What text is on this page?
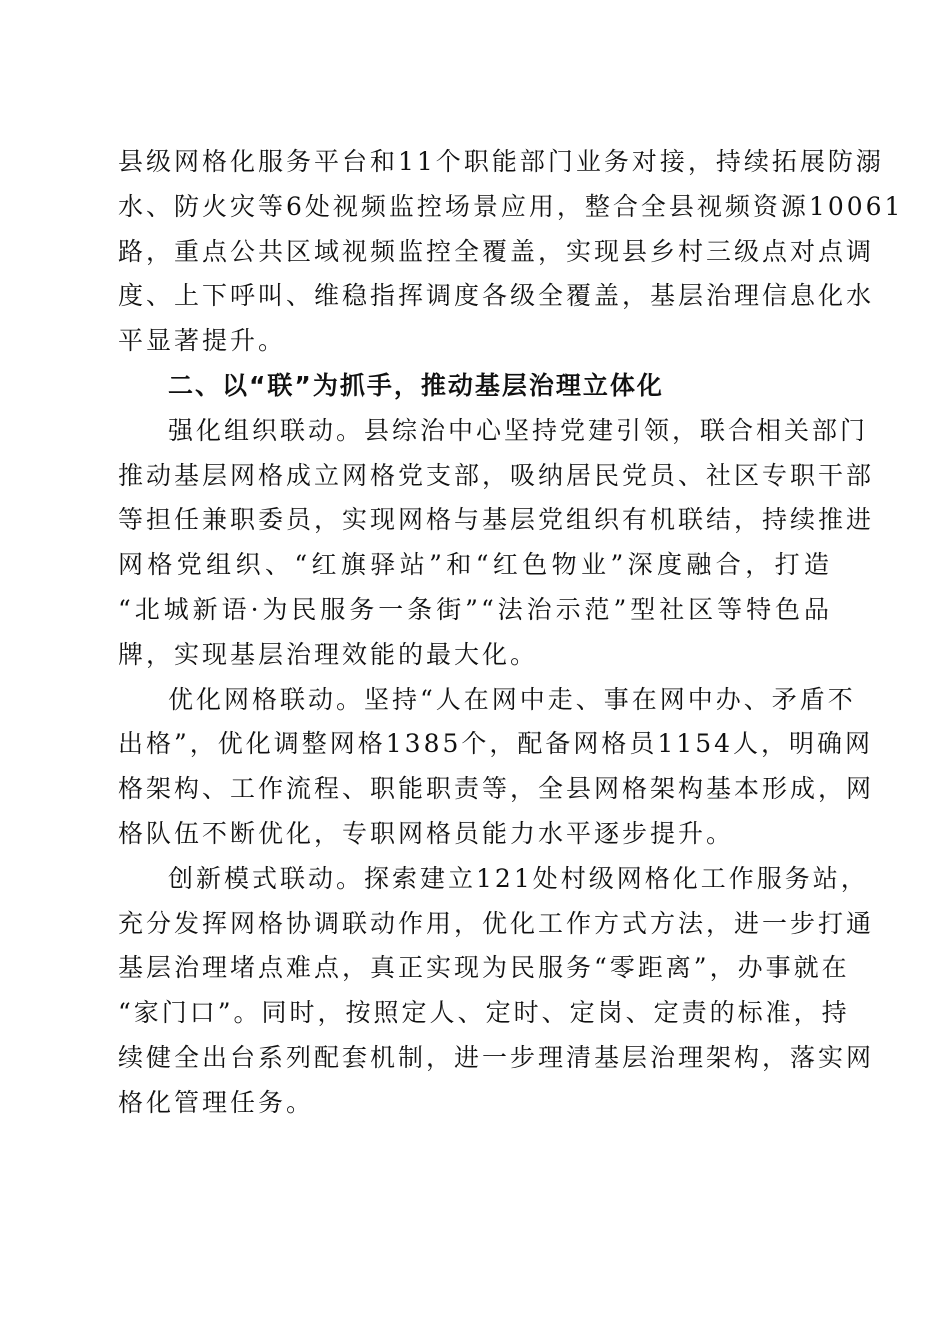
县级网格化服务平台和11个职能部门业务对接，持续拓展防溺
水、防火灾等6处视频监控场景应用，整合全县视频资源10061
路，重点公共区域视频监控全覆盖，实现县乡村三级点对点调
度、上下呼叫、维稳指挥调度各级全覆盖，基层治理信息化水
平显著提升。
二、以“联”为抓手，推动基层治理立体化
强化组织联动。县综治中心坚持党建引领，联合相关部门
推动基层网格成立网格党支部，吸纳居民党员、社区专职干部
等担任兼职委员，实现网格与基层党组织有机联结，持续推进
网格党组织、“红旗驿站”和“红色物业”深度融合，打造
“北城新语·为民服务一条街”“法治示范”型社区等特色品
牌，实现基层治理效能的最大化。
优化网格联动。坚持“人在网中走、事在网中办、矛盾不
出格”，优化调整网格1385个，配备网格员1154人，明确网
格架构、工作流程、职能职责等，全县网格架构基本形成，网
格队伍不断优化，专职网格员能力水平逐步提升。
创新模式联动。探索建立121处村级网格化工作服务站，
充分发挥网格协调联动作用，优化工作方式方法，进一步打通
基层治理堵点难点，真正实现为民服务“零距离”，办事就在
“家门口”。同时，按照定人、定时、定岗、定责的标准，持
续健全出台系列配套机制，进一步理清基层治理架构，落实网
格化管理任务。
